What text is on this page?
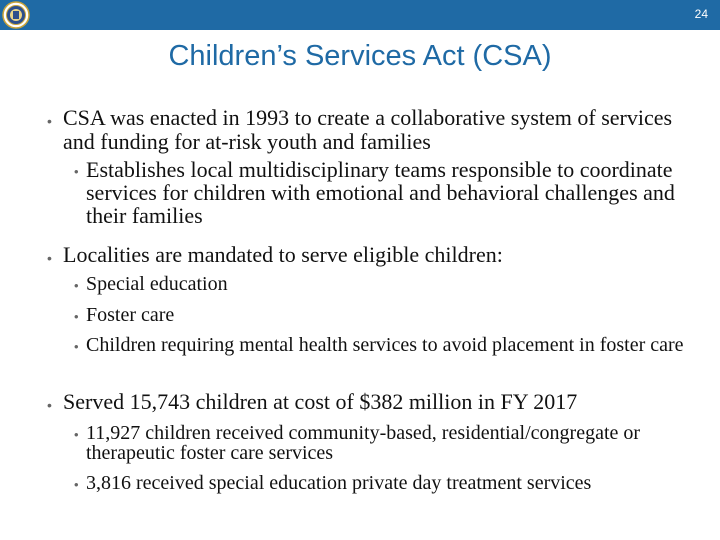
24
Children’s Services Act (CSA)
• CSA was enacted in 1993 to create a collaborative system of services and funding for at-risk youth and families
• Establishes local multidisciplinary teams responsible to coordinate services for children with emotional and behavioral challenges and their families
• Localities are mandated to serve eligible children:
• Special education
• Foster care
• Children requiring mental health services to avoid placement in foster care
• Served 15,743 children at cost of $382 million in FY 2017
• 11,927 children received community-based, residential/congregate or therapeutic foster care services
• 3,816 received special education private day treatment services
